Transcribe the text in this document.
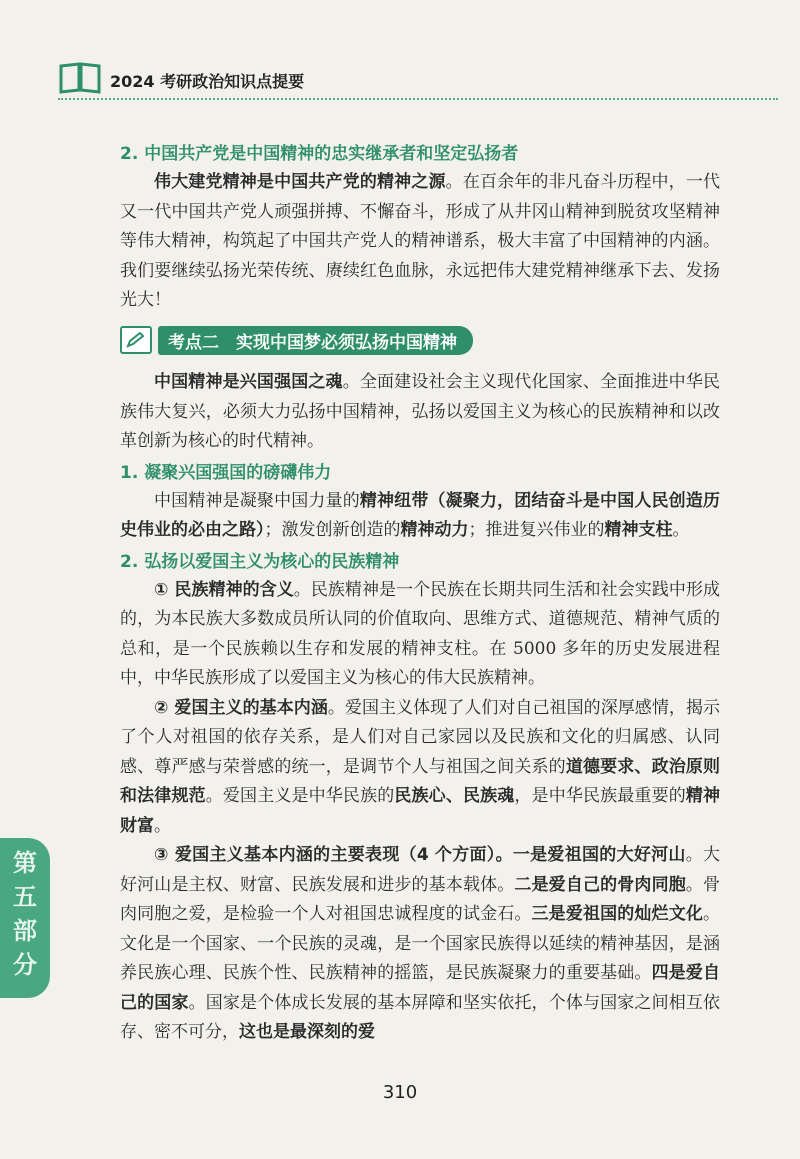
2024 考研政治知识点提要

2. 中国共产党是中国精神的忠实继承者和坚定弘扬者

伟大建党精神是中国共产党的精神之源。在百余年的非凡奋斗历程中，一代又一代中国共产党人顽强拼搏、不懈奋斗，形成了从井冈山精神到脱贫攻坚精神等伟大精神，构筑起了中国共产党人的精神谱系，极大丰富了中国精神的内涵。我们要继续弘扬光荣传统、赓续红色血脉，永远把伟大建党精神继承下去、发扬光大！

考点二　实现中国梦必须弘扬中国精神

中国精神是兴国强国之魂。全面建设社会主义现代化国家、全面推进中华民族伟大复兴，必须大力弘扬中国精神，弘扬以爱国主义为核心的民族精神和以改革创新为核心的时代精神。

1. 凝聚兴国强国的磅礴伟力

中国精神是凝聚中国力量的精神纽带（凝聚力，团结奋斗是中国人民创造历史伟业的必由之路）；激发创新创造的精神动力；推进复兴伟业的精神支柱。

2. 弘扬以爱国主义为核心的民族精神

① 民族精神的含义。民族精神是一个民族在长期共同生活和社会实践中形成的，为本民族大多数成员所认同的价值取向、思维方式、道德规范、精神气质的总和，是一个民族赖以生存和发展的精神支柱。在 5000 多年的历史发展进程中，中华民族形成了以爱国主义为核心的伟大民族精神。

② 爱国主义的基本内涵。爱国主义体现了人们对自己祖国的深厚感情，揭示了个人对祖国的依存关系，是人们对自己家园以及民族和文化的归属感、认同感、尊严感与荣誉感的统一，是调节个人与祖国之间关系的道德要求、政治原则和法律规范。爱国主义是中华民族的民族心、民族魂，是中华民族最重要的精神财富。

③ 爱国主义基本内涵的主要表现（4 个方面）。一是爱祖国的大好河山。大好河山是主权、财富、民族发展和进步的基本载体。二是爱自己的骨肉同胞。骨肉同胞之爱，是检验一个人对祖国忠诚程度的试金石。三是爱祖国的灿烂文化。文化是一个国家、一个民族的灵魂，是一个国家民族得以延续的精神基因，是涵养民族心理、民族个性、民族精神的摇篮，是民族凝聚力的重要基础。四是爱自己的国家。国家是个体成长发展的基本屏障和坚实依托，个体与国家之间相互依存、密不可分，这也是最深刻的爱

第
五
部
分
310
